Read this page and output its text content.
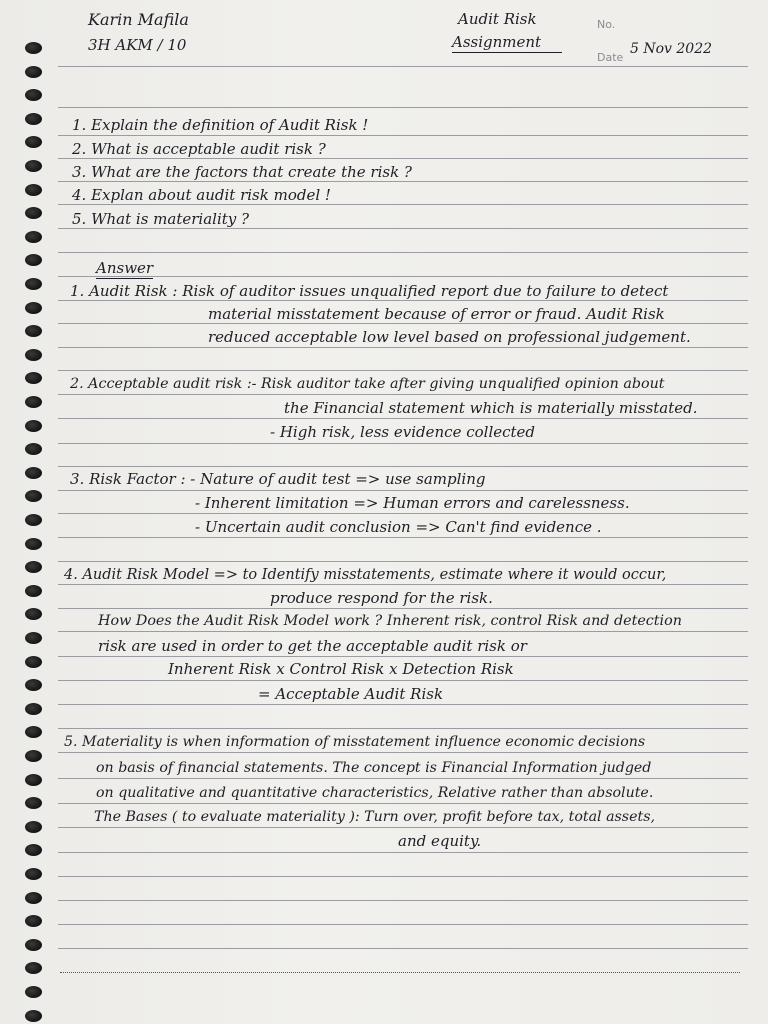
Karin Mafila
3H AKM / 10
Audit Risk
Assignment
No.
Date
5 Nov 2022
1. Explain the definition of Audit Risk !
2. What is acceptable audit risk ?
3. What are the factors that create the risk ?
4. Explan about audit risk model !
5. What is materiality ?
Answer
1. Audit Risk : Risk of auditor issues unqualified report due to failure to detect
material misstatement because of error or fraud. Audit Risk
reduced acceptable low level based on professional judgement.
2. Acceptable audit risk :- Risk auditor take after giving unqualified opinion about
the Financial statement which is materially misstated.
- High risk, less evidence collected
3. Risk Factor : - Nature of audit test => use sampling
- Inherent limitation => Human errors and carelessness.
- Uncertain audit conclusion => Can't find evidence .
4. Audit Risk Model => to Identify misstatements, estimate where it would occur,
produce respond for the risk.
How Does the Audit Risk Model work ? Inherent risk, control Risk and detection
risk are used in order to get the acceptable audit risk or
Inherent Risk x Control Risk x Detection Risk
= Acceptable Audit Risk
5. Materiality is when information of misstatement influence economic decisions
on basis of financial statements. The concept is Financial Information judged
on qualitative and quantitative characteristics, Relative rather than absolute.
The Bases ( to evaluate materiality ): Turn over, profit before tax, total assets,
and equity.
